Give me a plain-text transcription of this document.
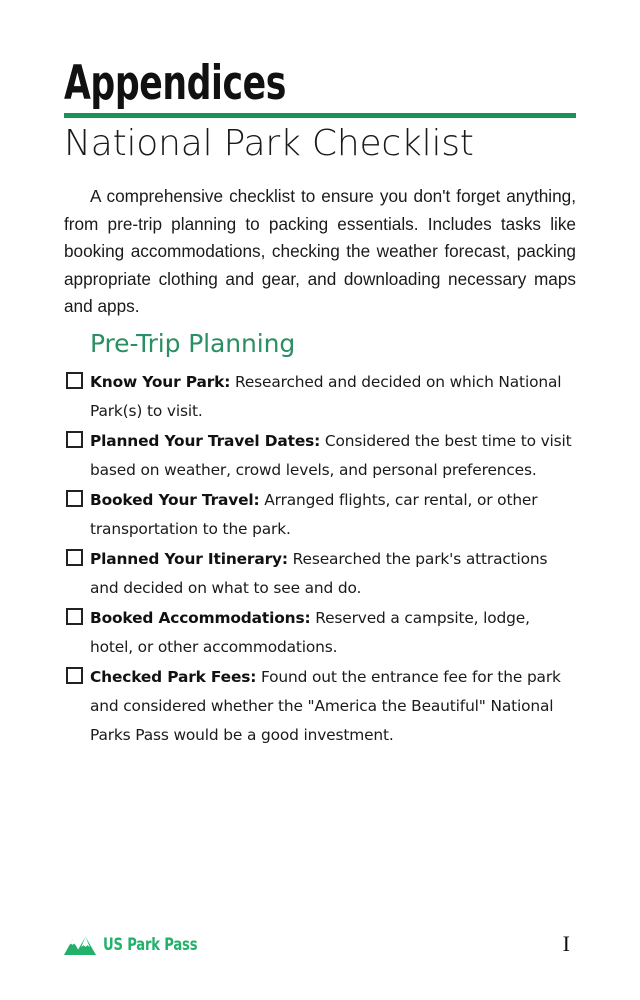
Appendices
National Park Checklist

A comprehensive checklist to ensure you don't forget anything, from pre-trip planning to packing essentials. Includes tasks like booking accommodations, checking the weather forecast, packing appropriate clothing and gear, and downloading necessary maps and apps.

Pre-Trip Planning
Know Your Park: Researched and decided on which National Park(s) to visit.
Planned Your Travel Dates: Considered the best time to visit based on weather, crowd levels, and personal preferences.
Booked Your Travel: Arranged flights, car rental, or other transportation to the park.
Planned Your Itinerary: Researched the park's attractions and decided on what to see and do.
Booked Accommodations: Reserved a campsite, lodge, hotel, or other accommodations.
Checked Park Fees: Found out the entrance fee for the park and considered whether the "America the Beautiful" National Parks Pass would be a good investment.
US Park Pass	I
